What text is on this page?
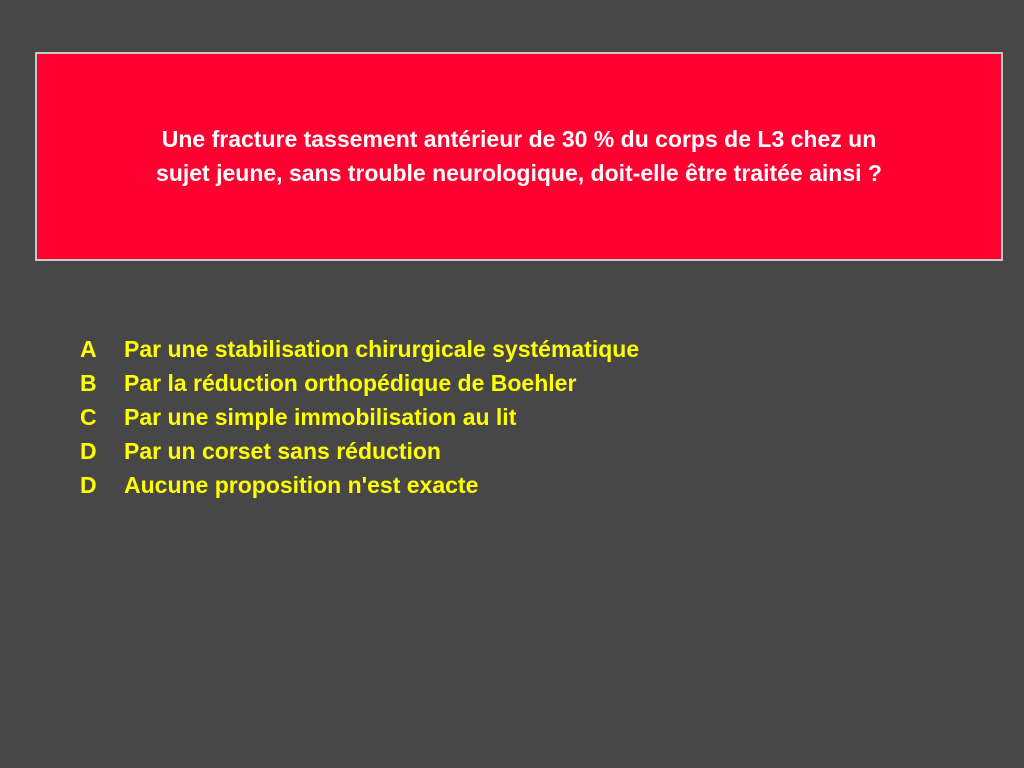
Une fracture tassement antérieur de 30 % du corps de L3 chez un
sujet jeune, sans trouble neurologique, doit-elle être traitée ainsi ?

A	Par une stabilisation chirurgicale systématique
B	Par la réduction orthopédique de Boehler
C	Par une simple immobilisation au lit
D	Par un corset sans réduction
D	Aucune proposition n'est exacte
